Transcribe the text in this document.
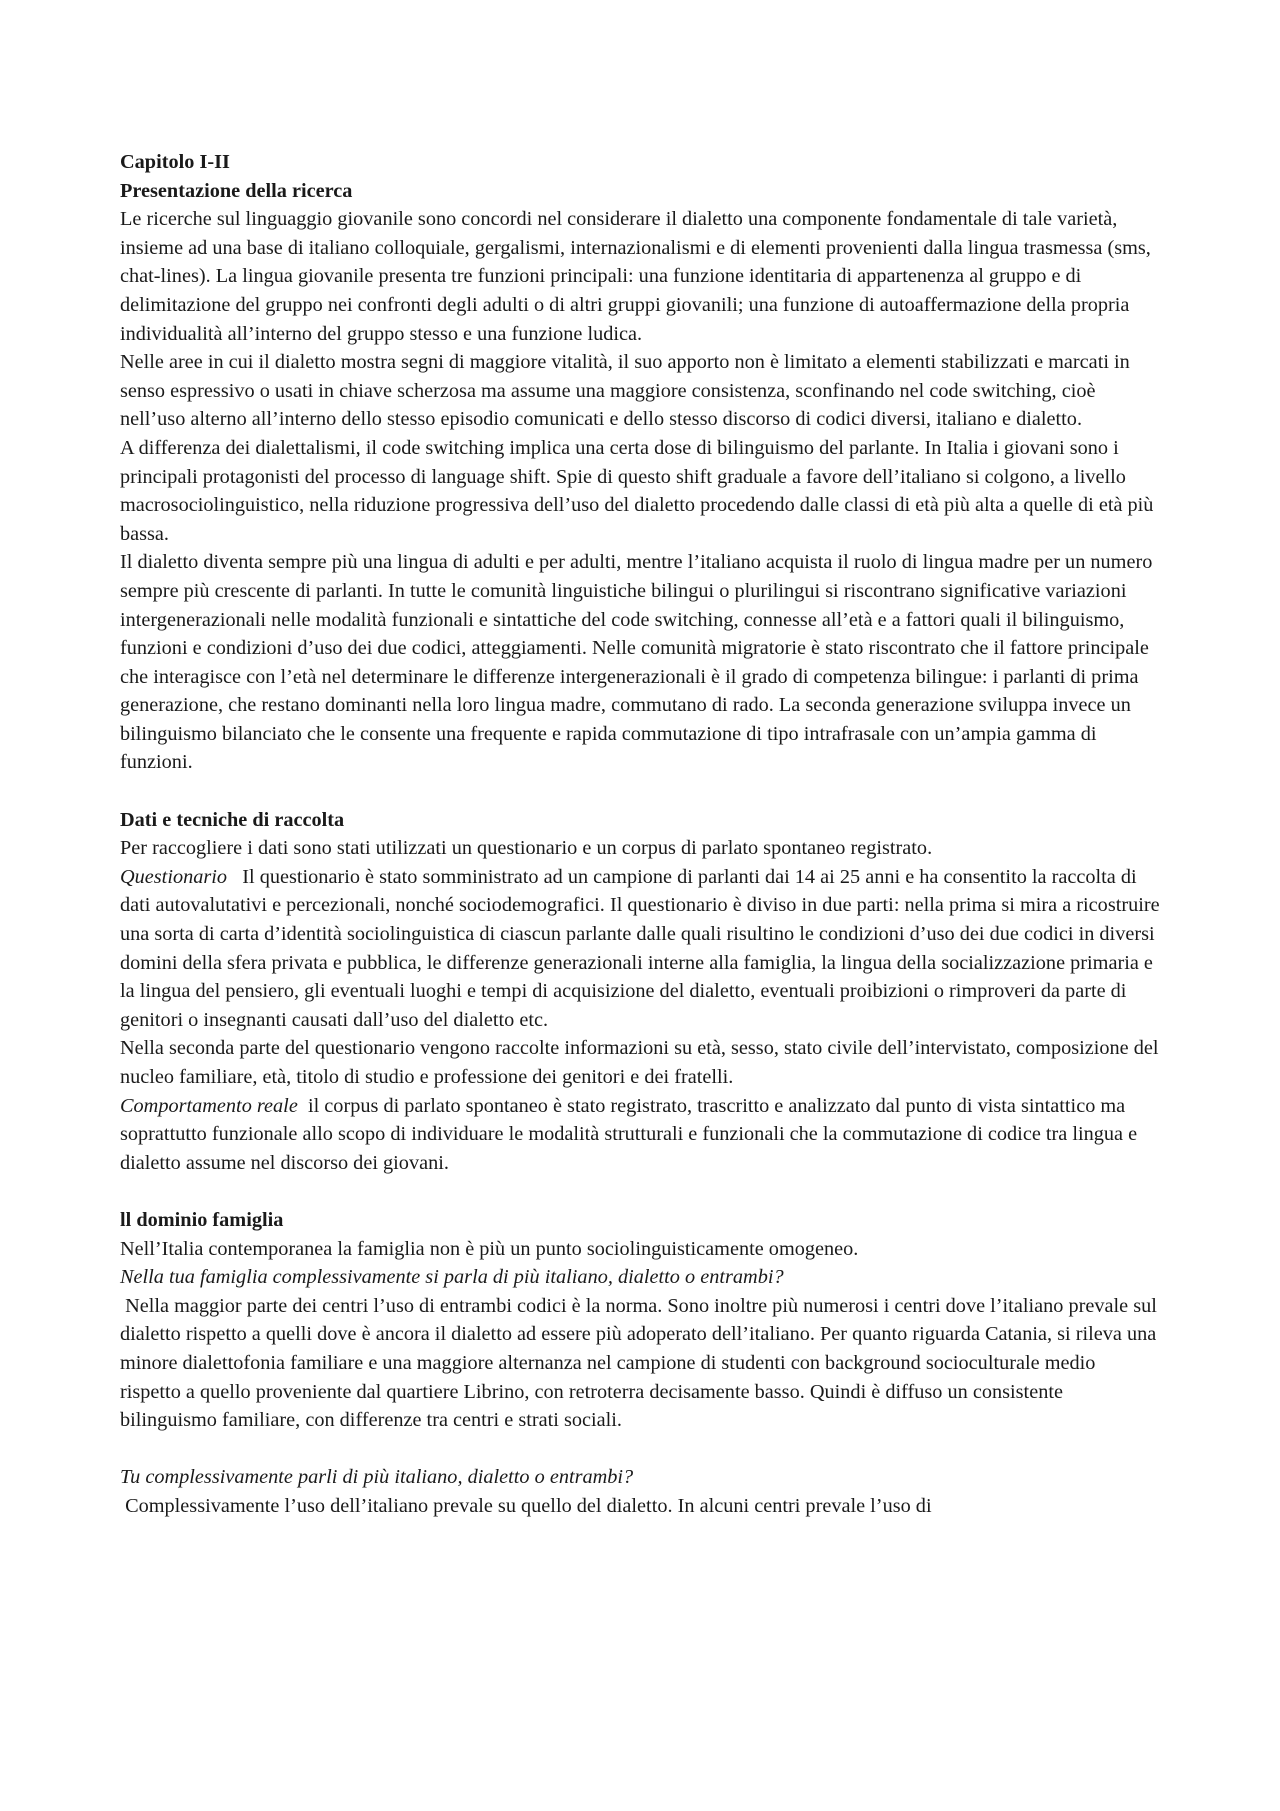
Capitolo I-II

Presentazione della ricerca

Le ricerche sul linguaggio giovanile sono concordi nel considerare il dialetto una componente fondamentale di tale varietà, insieme ad una base di italiano colloquiale, gergalismi, internazionalismi e di elementi provenienti dalla lingua trasmessa (sms, chat-lines). La lingua giovanile presenta tre funzioni principali: una funzione identitaria di appartenenza al gruppo e di delimitazione del gruppo nei confronti degli adulti o di altri gruppi giovanili; una funzione di autoaffermazione della propria individualità all’interno del gruppo stesso e una funzione ludica.

Nelle aree in cui il dialetto mostra segni di maggiore vitalità, il suo apporto non è limitato a elementi stabilizzati e marcati in senso espressivo o usati in chiave scherzosa ma assume una maggiore consistenza, sconfinando nel code switching, cioè nell’uso alterno all’interno dello stesso episodio comunicati e dello stesso discorso di codici diversi, italiano e dialetto.

A differenza dei dialettalismi, il code switching implica una certa dose di bilinguismo del parlante. In Italia i giovani sono i principali protagonisti del processo di language shift. Spie di questo shift graduale a favore dell’italiano si colgono, a livello macrosociolinguistico, nella riduzione progressiva dell’uso del dialetto procedendo dalle classi di età più alta a quelle di età più bassa.

Il dialetto diventa sempre più una lingua di adulti e per adulti, mentre l’italiano acquista il ruolo di lingua madre per un numero sempre più crescente di parlanti. In tutte le comunità linguistiche bilingui o plurilingui si riscontrano significative variazioni intergenerazionali nelle modalità funzionali e sintattiche del code switching, connesse all’età e a fattori quali il bilinguismo, funzioni e condizioni d’uso dei due codici, atteggiamenti. Nelle comunità migratorie è stato riscontrato che il fattore principale che interagisce con l’età nel determinare le differenze intergenerazionali è il grado di competenza bilingue: i parlanti di prima generazione, che restano dominanti nella loro lingua madre, commutano di rado. La seconda generazione sviluppa invece un bilinguismo bilanciato che le consente una frequente e rapida commutazione di tipo intrafrasale con un’ampia gamma di funzioni.

Dati e tecniche di raccolta

Per raccogliere i dati sono stati utilizzati un questionario e un corpus di parlato spontaneo registrato.

Questionario   Il questionario è stato somministrato ad un campione di parlanti dai 14 ai 25 anni e ha consentito la raccolta di dati autovalutativi e percezionali, nonché sociodemografici. Il questionario è diviso in due parti: nella prima si mira a ricostruire una sorta di carta d’identità sociolinguistica di ciascun parlante dalle quali risultino le condizioni d’uso dei due codici in diversi domini della sfera privata e pubblica, le differenze generazionali interne alla famiglia, la lingua della socializzazione primaria e la lingua del pensiero, gli eventuali luoghi e tempi di acquisizione del dialetto, eventuali proibizioni o rimproveri da parte di genitori o insegnanti causati dall’uso del dialetto etc.

Nella seconda parte del questionario vengono raccolte informazioni su età, sesso, stato civile dell’intervistato, composizione del nucleo familiare, età, titolo di studio e professione dei genitori e dei fratelli.

Comportamento reale  il corpus di parlato spontaneo è stato registrato, trascritto e analizzato dal punto di vista sintattico ma soprattutto funzionale allo scopo di individuare le modalità strutturali e funzionali che la commutazione di codice tra lingua e dialetto assume nel discorso dei giovani.

ll dominio famiglia

Nell’Italia contemporanea la famiglia non è più un punto sociolinguisticamente omogeneo.

Nella tua famiglia complessivamente si parla di più italiano, dialetto o entrambi?

Nella maggior parte dei centri l’uso di entrambi codici è la norma. Sono inoltre più numerosi i centri dove l’italiano prevale sul dialetto rispetto a quelli dove è ancora il dialetto ad essere più adoperato dell’italiano. Per quanto riguarda Catania, si rileva una minore dialettofonia familiare e una maggiore alternanza nel campione di studenti con background socioculturale medio rispetto a quello proveniente dal quartiere Librino, con retroterra decisamente basso. Quindi è diffuso un consistente bilinguismo familiare, con differenze tra centri e strati sociali.

Tu complessivamente parli di più italiano, dialetto o entrambi?

Complessivamente l’uso dell’italiano prevale su quello del dialetto. In alcuni centri prevale l’uso di
